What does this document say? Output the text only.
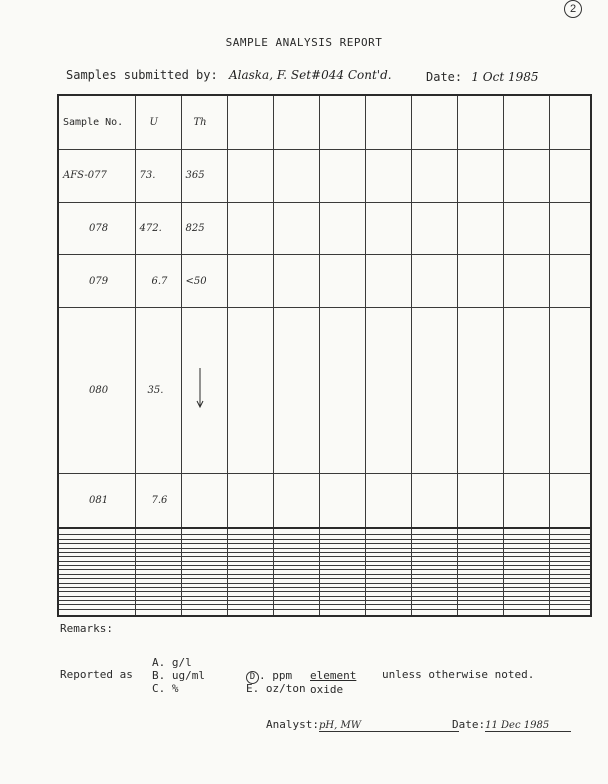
2
SAMPLE ANALYSIS REPORT
Samples submitted by: Alaska, F. Set#044 Cont'd.	Date: 1 Oct 1985
Sample No.	U	Th								
AFS-077	73.	365								
078	472.	825								
079	6.7	<50								
080	35.									
081	7.6									

Remarks:
Reported as
A. g/l
B. ug/ml
C. %
D . ppm
E. oz/ton
element
oxide
unless otherwise noted.
Analyst:pH, MW	Date:11 Dec 1985
